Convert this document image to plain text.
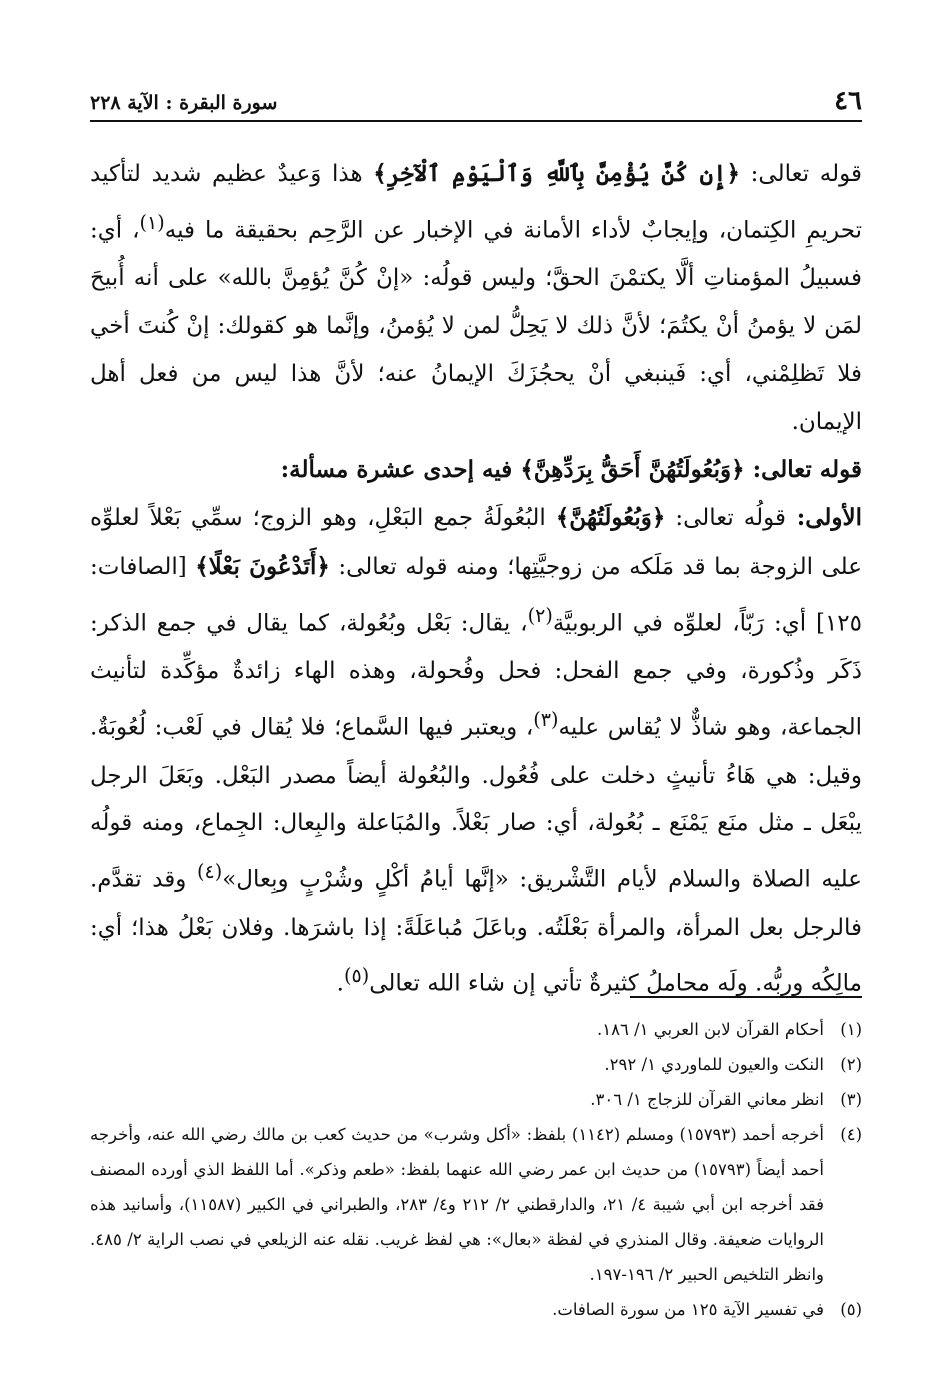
٤٦
سورة البقرة : الآية ٢٢٨

قوله تعالى: ﴿إِن كُنَّ يُؤْمِنَّ بِٱللَّهِ وَٱلْيَوْمِ ٱلْآخِرِ﴾ هذا وَعيدٌ عظيم شديد لتأكيد تحريمِ الكِتمان، وإيجابٌ لأداء الأمانة في الإخبار عن الرَّحِم بحقيقة ما فيه$^{(١)}$، أي: فسبيلُ المؤمناتِ ألَّا يكتمْنَ الحقَّ؛ وليس قولُه: «إنْ كُنَّ يُؤمِنَّ بالله» على أنه أُبيحَ لمَن لا يؤمنُ أنْ يكتُمَ؛ لأنَّ ذلك لا يَحِلُّ لمن لا يُؤمنُ، وإنَّما هو كقولك: إنْ كُنتَ أخي فلا تَظلِمْني، أي: فَينبغي أنْ يحجُزَكَ الإيمانُ عنه؛ لأنَّ هذا ليس من فعل أهل الإيمان.

قوله تعالى: ﴿وَبُعُولَتُهُنَّ أَحَقُّ بِرَدِّهِنَّ﴾ فيه إحدى عشرة مسألة:

الأولى: قولُه تعالى: ﴿وَبُعُولَتُهُنَّ﴾ البُعُولَةُ جمع البَعْلِ، وهو الزوج؛ سمِّي بَعْلاً لعلوِّه على الزوجة بما قد مَلَكه من زوجيَّتِها؛ ومنه قوله تعالى: ﴿أَتَدْعُونَ بَعْلًا﴾ [الصافات: ١٢٥] أي: رَبّاً، لعلوِّه في الربوبيَّة$^{(٢)}$، يقال: بَعْل وبُعُولة، كما يقال في جمع الذكر: ذَكَر وذُكورة، وفي جمع الفحل: فحل وفُحولة، وهذه الهاء زائدةٌ مؤكِّدة لتأنيث الجماعة، وهو شاذٌّ لا يُقاس عليه$^{(٣)}$، ويعتبر فيها السَّماع؛ فلا يُقال في لَعْب: لُعُوبَةٌ. وقيل: هي هَاءُ تأنيثٍ دخلت على فُعُول. والبُعُولة أيضاً مصدر البَعْل. وبَعَلَ الرجل يبْعَل ـ مثل منَع يَمْنَع ـ بُعُولة، أي: صار بَعْلاً. والمُبَاعلة والبِعال: الجِماع، ومنه قولُه عليه الصلاة والسلام لأيام التَّشْريق: «إنَّها أيامُ أكْلٍ وشُرْبٍ وبِعال»$^{(٤)}$ وقد تقدَّم. فالرجل بعل المرأة، والمرأة بَعْلَتُه. وباعَلَ مُباعَلَةً: إذا باشرَها. وفلان بَعْلُ هذا؛ أي: مالِكُه وربُّه. ولَه محاملُ كثيرةٌ تأتي إن شاء الله تعالى$^{(٥)}$.

(١)
أحكام القرآن لابن العربي ١/ ١٨٦.
(٢)
النكت والعيون للماوردي ١/ ٢٩٢.
(٣)
انظر معاني القرآن للزجاج ١/ ٣٠٦.
(٤)
أخرجه أحمد (١٥٧٩٣) ومسلم (١١٤٢) بلفظ: «أكل وشرب» من حديث كعب بن مالك رضي الله عنه، وأخرجه أحمد أيضاً (١٥٧٩٣) من حديث ابن عمر رضي الله عنهما بلفظ: «طعم وذكر». أما اللفظ الذي أورده المصنف فقد أخرجه ابن أبي شيبة ٤/ ٢١، والدارقطني ٢/ ٢١٢ و٤/ ٢٨٣، والطبراني في الكبير (١١٥٨٧)، وأسانيد هذه الروايات ضعيفة. وقال المنذري في لفظة «بعال»: هي لفظ غريب. نقله عنه الزيلعي في نصب الراية ٢/ ٤٨٥. وانظر التلخيص الحبير ٢/ ١٩٦-١٩٧.
(٥)
في تفسير الآية ١٢٥ من سورة الصافات.
